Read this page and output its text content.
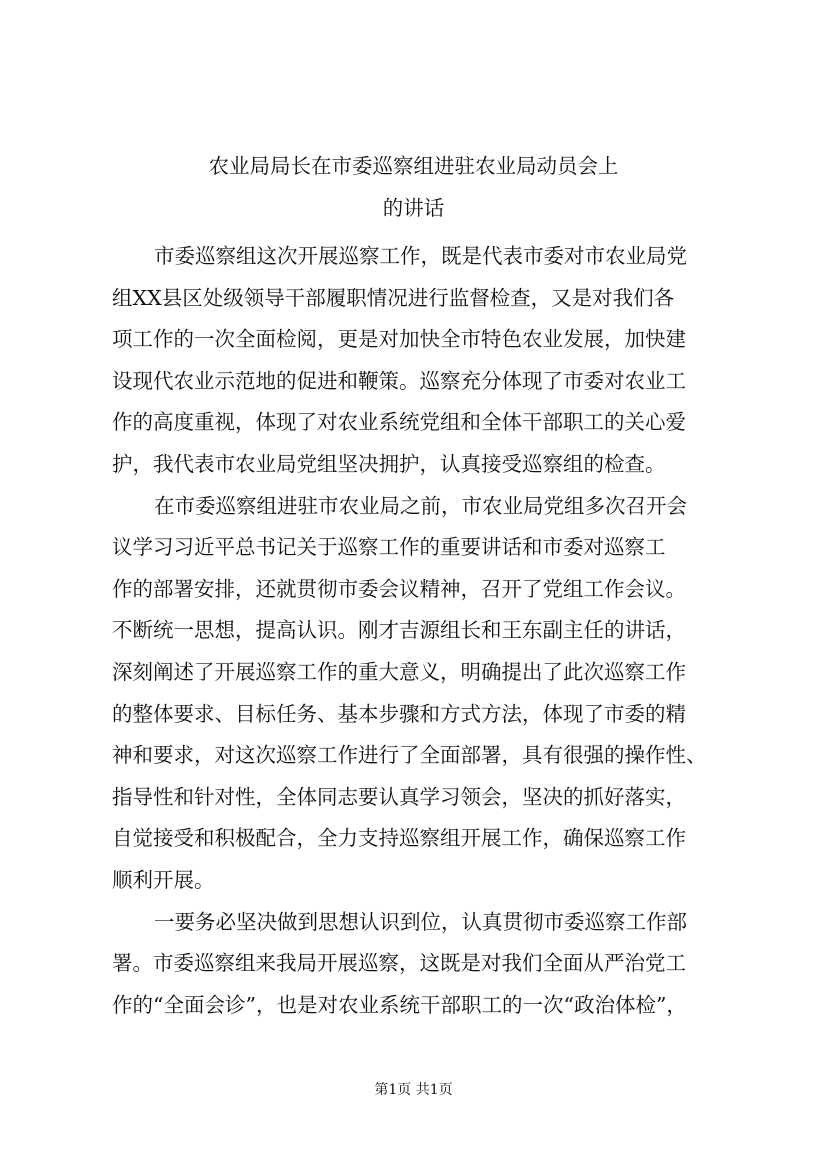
农业局局长在市委巡察组进驻农业局动员会上
的讲话
市委巡察组这次开展巡察工作，既是代表市委对市农业局党
组XX县区处级领导干部履职情况进行监督检查，又是对我们各
项工作的一次全面检阅，更是对加快全市特色农业发展，加快建
设现代农业示范地的促进和鞭策。巡察充分体现了市委对农业工
作的高度重视，体现了对农业系统党组和全体干部职工的关心爱
护，我代表市农业局党组坚决拥护，认真接受巡察组的检查。
在市委巡察组进驻市农业局之前，市农业局党组多次召开会
议学习习近平总书记关于巡察工作的重要讲话和市委对巡察工
作的部署安排，还就贯彻市委会议精神，召开了党组工作会议。
不断统一思想，提高认识。刚才吉源组长和王东副主任的讲话，
深刻阐述了开展巡察工作的重大意义，明确提出了此次巡察工作
的整体要求、目标任务、基本步骤和方式方法，体现了市委的精
神和要求，对这次巡察工作进行了全面部署，具有很强的操作性、
指导性和针对性，全体同志要认真学习领会，坚决的抓好落实，
自觉接受和积极配合，全力支持巡察组开展工作，确保巡察工作
顺利开展。
一要务必坚决做到思想认识到位，认真贯彻市委巡察工作部
署。市委巡察组来我局开展巡察，这既是对我们全面从严治党工
作的“全面会诊”，也是对农业系统干部职工的一次“政治体检”，
第1页 共1页
